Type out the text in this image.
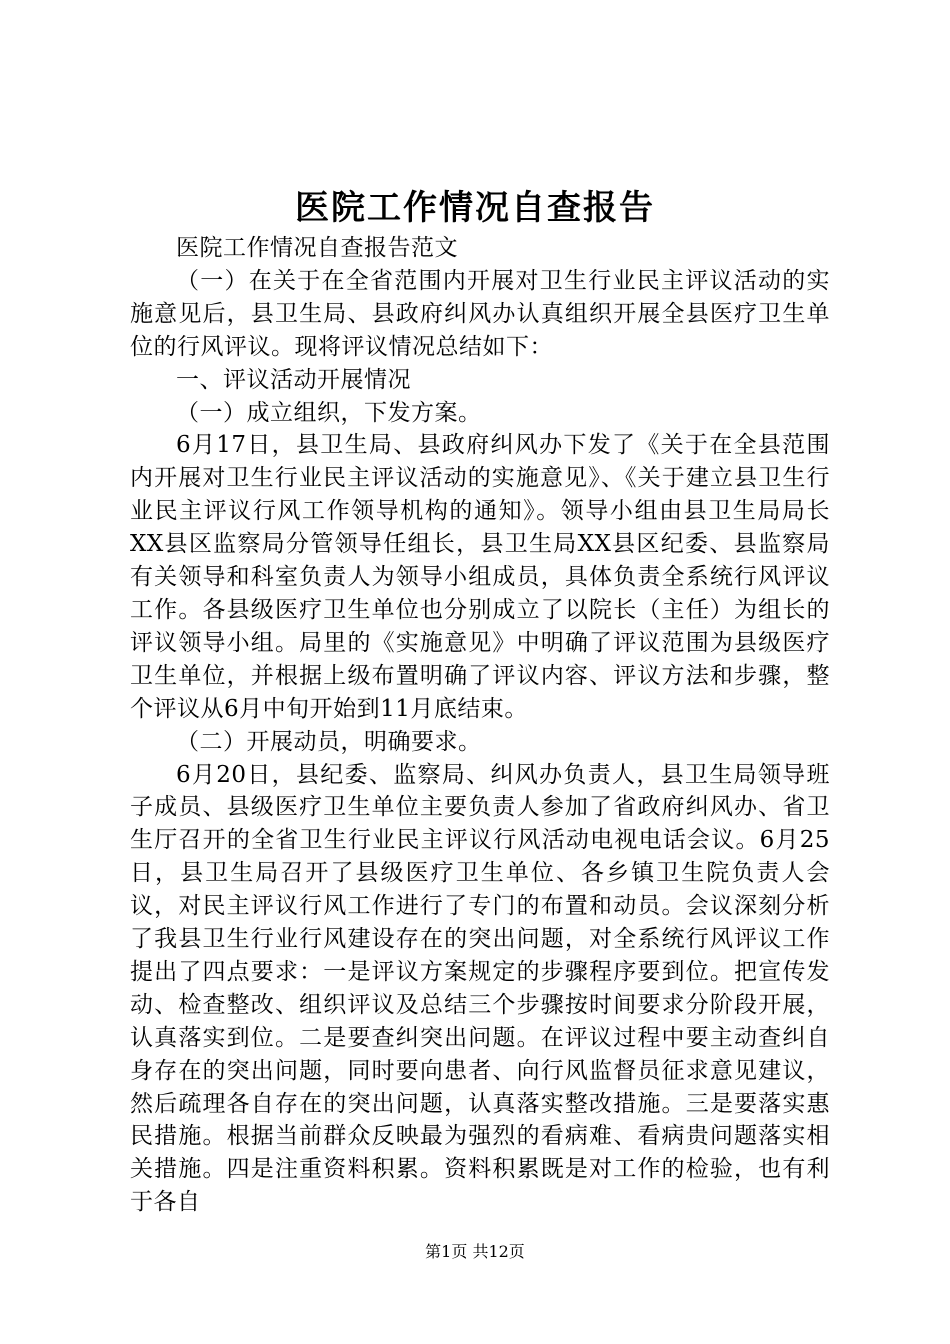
医院工作情况自查报告

医院工作情况自查报告范文

（一）在关于在全省范围内开展对卫生行业民主评议活动的实施意见后，县卫生局、县政府纠风办认真组织开展全县医疗卫生单位的行风评议。现将评议情况总结如下：

一、评议活动开展情况

（一）成立组织，下发方案。

6月17日，县卫生局、县政府纠风办下发了《关于在全县范围内开展对卫生行业民主评议活动的实施意见》、《关于建立县卫生行业民主评议行风工作领导机构的通知》。领导小组由县卫生局局长XX县区监察局分管领导任组长，县卫生局XX县区纪委、县监察局有关领导和科室负责人为领导小组成员，具体负责全系统行风评议工作。各县级医疗卫生单位也分别成立了以院长（主任）为组长的评议领导小组。局里的《实施意见》中明确了评议范围为县级医疗卫生单位，并根据上级布置明确了评议内容、评议方法和步骤，整个评议从6月中旬开始到11月底结束。

（二）开展动员，明确要求。

6月20日，县纪委、监察局、纠风办负责人，县卫生局领导班子成员、县级医疗卫生单位主要负责人参加了省政府纠风办、省卫生厅召开的全省卫生行业民主评议行风活动电视电话会议。6月25日，县卫生局召开了县级医疗卫生单位、各乡镇卫生院负责人会议，对民主评议行风工作进行了专门的布置和动员。会议深刻分析了我县卫生行业行风建设存在的突出问题，对全系统行风评议工作提出了四点要求：一是评议方案规定的步骤程序要到位。把宣传发动、检查整改、组织评议及总结三个步骤按时间要求分阶段开展，认真落实到位。二是要查纠突出问题。在评议过程中要主动查纠自身存在的突出问题，同时要向患者、向行风监督员征求意见建议，然后疏理各自存在的突出问题，认真落实整改措施。三是要落实惠民措施。根据当前群众反映最为强烈的看病难、看病贵问题落实相关措施。四是注重资料积累。资料积累既是对工作的检验，也有利于各自

第1页 共12页
